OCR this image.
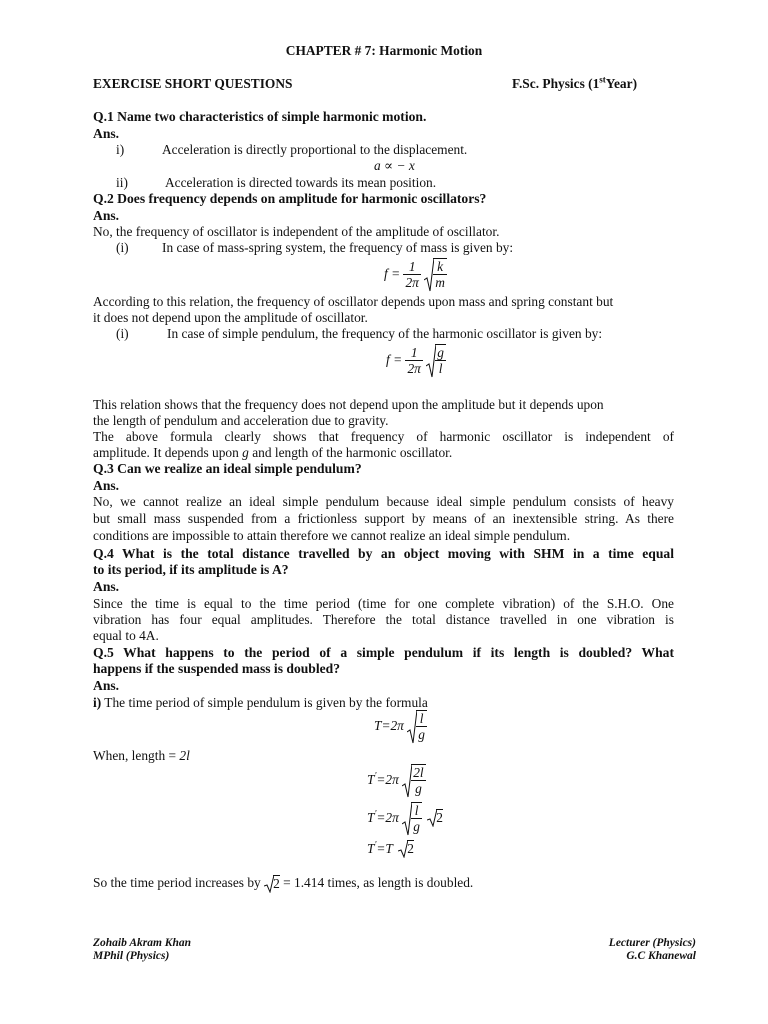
CHAPTER # 7: Harmonic Motion
EXERCISE SHORT QUESTIONS	F.Sc. Physics (1stYear)
Q.1 Name two characteristics of simple harmonic motion.
Ans.
i)	Acceleration is directly proportional to the displacement.
a ∝ − x
ii)	Acceleration is directed towards its mean position.
Q.2 Does frequency depends on amplitude for harmonic oscillators?
Ans.
No, the frequency of oscillator is independent of the amplitude of oscillator.
(i) In case of mass-spring system, the frequency of mass is given by:
$f = \frac{1}{2\pi}$
$\frac{k}{m}$
According to this relation, the frequency of oscillator depends upon mass and spring constant but
it does not depend upon the amplitude of oscillator.
(i)	In case of simple pendulum, the frequency of the harmonic oscillator is given by:
$f = \frac{1}{2\pi}$
$\frac{g}{l}$
This relation shows that the frequency does not depend upon the amplitude but it depends upon
the length of pendulum and acceleration due to gravity.
The above formula clearly shows that frequency of harmonic oscillator is independent of
amplitude. It depends upon g and length of the harmonic oscillator.
Q.3 Can we realize an ideal simple pendulum?
Ans.
No, we cannot realize an ideal simple pendulum because ideal simple pendulum consists of heavy
but small mass suspended from a frictionless support by means of an inextensible string. As there
conditions are impossible to attain therefore we cannot realize an ideal simple pendulum.
Q.4 What is the total distance travelled by an object moving with SHM in a time equal
to its period, if its amplitude is A?
Ans.
Since the time is equal to the time period (time for one complete vibration) of the S.H.O. One
vibration has four equal amplitudes. Therefore the total distance travelled in one vibration is
equal to 4A.
Q.5 What happens to the period of a simple pendulum if its length is doubled? What
happens if the suspended mass is doubled?
Ans.
i) The time period of simple pendulum is given by the formula
$T=2\pi \frac{l}{g}$
When, length = 2l
$T'=2\pi \frac{2l}{g}$
$T'=2\pi \frac{l}{g}$
2
T'=T 2
So the time period increases by
2 = 1.414 times, as length is doubled.
Zohaib Akram Khan
MPhil (Physics)
Lecturer (Physics)
G.C Khanewal
